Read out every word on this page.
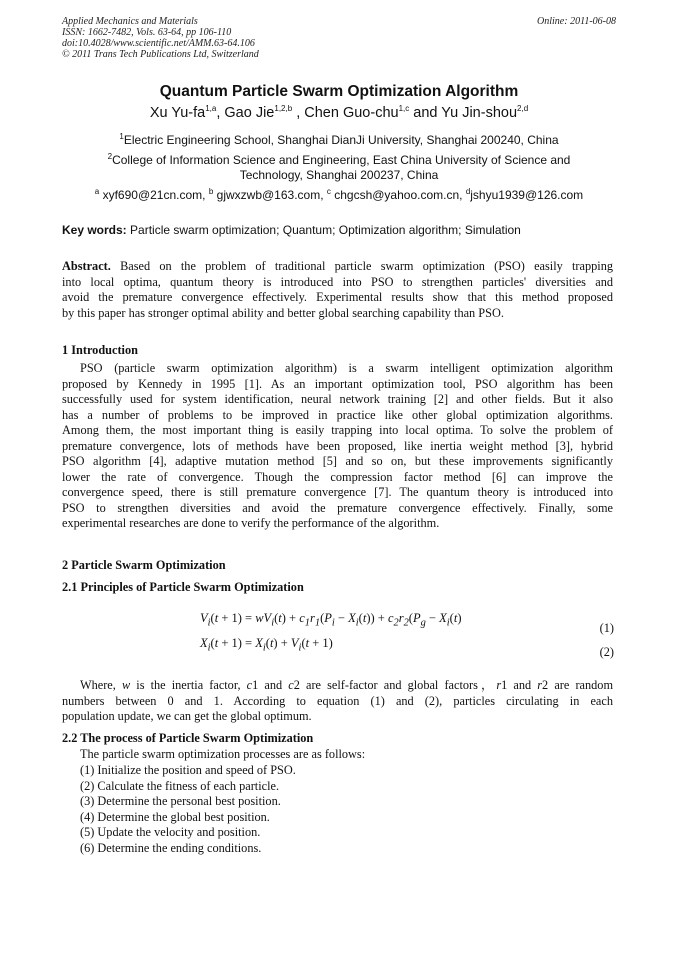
Applied Mechanics and Materials
ISSN: 1662-7482, Vols. 63-64, pp 106-110
doi:10.4028/www.scientific.net/AMM.63-64.106
© 2011 Trans Tech Publications Ltd, Switzerland
Online: 2011-06-08
Quantum Particle Swarm Optimization Algorithm
Xu Yu-fa$^{1,a}$, Gao Jie$^{1,2,b}$ , Chen Guo-chu$^{1,c}$ and Yu Jin-shou$^{2,d}$
$^1$Electric Engineering School, Shanghai DianJi University, Shanghai 200240, China
$^2$College of Information Science and Engineering, East China University of Science and
Technology, Shanghai 200237, China
$^a$ xyf690@21cn.com, $^b$ gjwxzwb@163.com, $^c$ chgcsh@yahoo.com.cn, $^d$jshyu1939@126.com
Key words: Particle swarm optimization; Quantum; Optimization algorithm; Simulation
Abstract. Based on the problem of traditional particle swarm optimization (PSO) easily trapping
into local optima, quantum theory is introduced into PSO to strengthen particles' diversities and
avoid the premature convergence effectively. Experimental results show that this method proposed
by this paper has stronger optimal ability and better global searching capability than PSO.
1 Introduction
PSO (particle swarm optimization algorithm) is a swarm intelligent optimization algorithm
proposed by Kennedy in 1995 [1]. As an important optimization tool, PSO algorithm has been
successfully used for system identification, neural network training [2] and other fields. But it also
has a number of problems to be improved in practice like other global optimization algorithms.
Among them, the most important thing is easily trapping into local optima. To solve the problem of
premature convergence, lots of methods have been proposed, like inertia weight method [3], hybrid
PSO algorithm [4], adaptive mutation method [5] and so on, but these improvements significantly
lower the rate of convergence. Though the compression factor method [6] can improve the
convergence speed, there is still premature convergence [7]. The quantum theory is introduced into
PSO to strengthen diversities and avoid the premature convergence effectively. Finally, some
experimental researches are done to verify the performance of the algorithm.
2 Particle Swarm Optimization
2.1 Principles of Particle Swarm Optimization
$V_i(t + 1) = wV_i(t) + c_1r_1(P_i - X_i(t)) + c_2r_2(P_g - X_i(t)$
(1)
$X_i(t + 1) = X_i(t) + V_i(t + 1)$
(2)
Where, w is the inertia factor, c1 and c2 are self-factor and global factors，r1 and r2 are random
numbers between 0 and 1. According to equation (1) and (2), particles circulating in each
population update, we can get the global optimum.
2.2 The process of Particle Swarm Optimization
The particle swarm optimization processes are as follows:
(1) Initialize the position and speed of PSO.
(2) Calculate the fitness of each particle.
(3) Determine the personal best position.
(4) Determine the global best position.
(5) Update the velocity and position.
(6) Determine the ending conditions.
